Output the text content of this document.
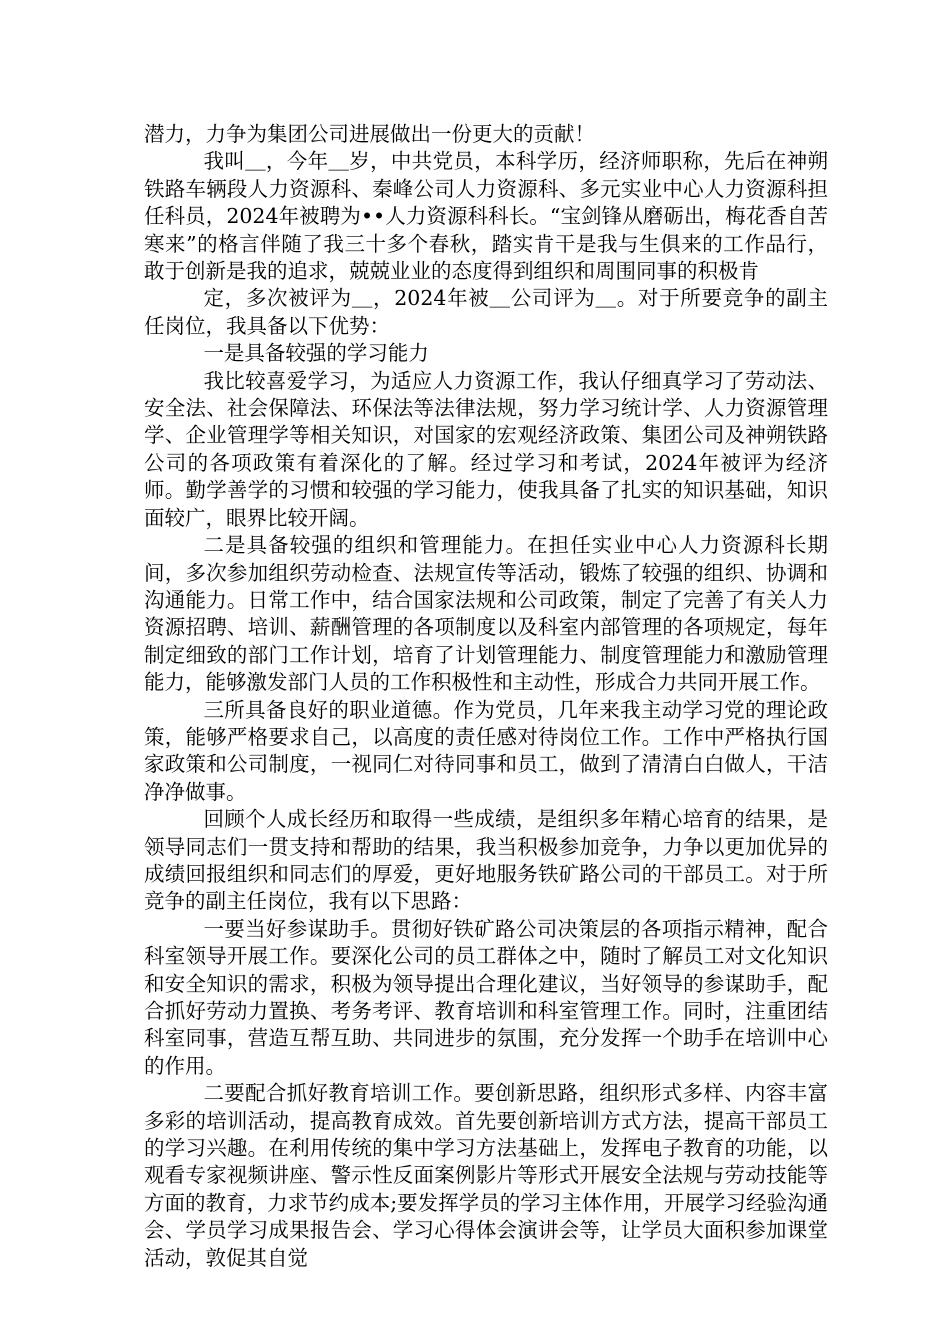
潜力，力争为集团公司进展做出一份更大的贡献！

我叫＿，今年＿岁，中共党员，本科学历，经济师职称，先后在神朔铁路车辆段人力资源科、秦峰公司人力资源科、多元实业中心人力资源科担任科员，2024年被聘为••人力资源科科长。“宝剑锋从磨砺出，梅花香自苦寒来”的格言伴随了我三十多个春秋，踏实肯干是我与生俱来的工作品行，敢于创新是我的追求，兢兢业业的态度得到组织和周围同事的积极肯

定，多次被评为＿，2024年被＿公司评为＿。对于所要竞争的副主任岗位，我具备以下优势：

一是具备较强的学习能力

我比较喜爱学习，为适应人力资源工作，我认仔细真学习了劳动法、安全法、社会保障法、环保法等法律法规，努力学习统计学、人力资源管理学、企业管理学等相关知识，对国家的宏观经济政策、集团公司及神朔铁路公司的各项政策有着深化的了解。经过学习和考试，2024年被评为经济师。勤学善学的习惯和较强的学习能力，使我具备了扎实的知识基础，知识面较广，眼界比较开阔。

二是具备较强的组织和管理能力。在担任实业中心人力资源科长期间，多次参加组织劳动检查、法规宣传等活动，锻炼了较强的组织、协调和沟通能力。日常工作中，结合国家法规和公司政策，制定了完善了有关人力资源招聘、培训、薪酬管理的各项制度以及科室内部管理的各项规定，每年制定细致的部门工作计划，培育了计划管理能力、制度管理能力和激励管理能力，能够激发部门人员的工作积极性和主动性，形成合力共同开展工作。

三所具备良好的职业道德。作为党员，几年来我主动学习党的理论政策，能够严格要求自己，以高度的责任感对待岗位工作。工作中严格执行国家政策和公司制度，一视同仁对待同事和员工，做到了清清白白做人，干洁净净做事。

回顾个人成长经历和取得一些成绩，是组织多年精心培育的结果，是领导同志们一贯支持和帮助的结果，我当积极参加竞争，力争以更加优异的成绩回报组织和同志们的厚爱，更好地服务铁矿路公司的干部员工。对于所竞争的副主任岗位，我有以下思路：

一要当好参谋助手。贯彻好铁矿路公司决策层的各项指示精神，配合科室领导开展工作。要深化公司的员工群体之中，随时了解员工对文化知识和安全知识的需求，积极为领导提出合理化建议，当好领导的参谋助手，配合抓好劳动力置换、考务考评、教育培训和科室管理工作。同时，注重团结科室同事，营造互帮互助、共同进步的氛围，充分发挥一个助手在培训中心的作用。

二要配合抓好教育培训工作。要创新思路，组织形式多样、内容丰富多彩的培训活动，提高教育成效。首先要创新培训方式方法，提高干部员工的学习兴趣。在利用传统的集中学习方法基础上，发挥电子教育的功能，以观看专家视频讲座、警示性反面案例影片等形式开展安全法规与劳动技能等方面的教育，力求节约成本;要发挥学员的学习主体作用，开展学习经验沟通会、学员学习成果报告会、学习心得体会演讲会等，让学员大面积参加课堂活动，敦促其自觉
